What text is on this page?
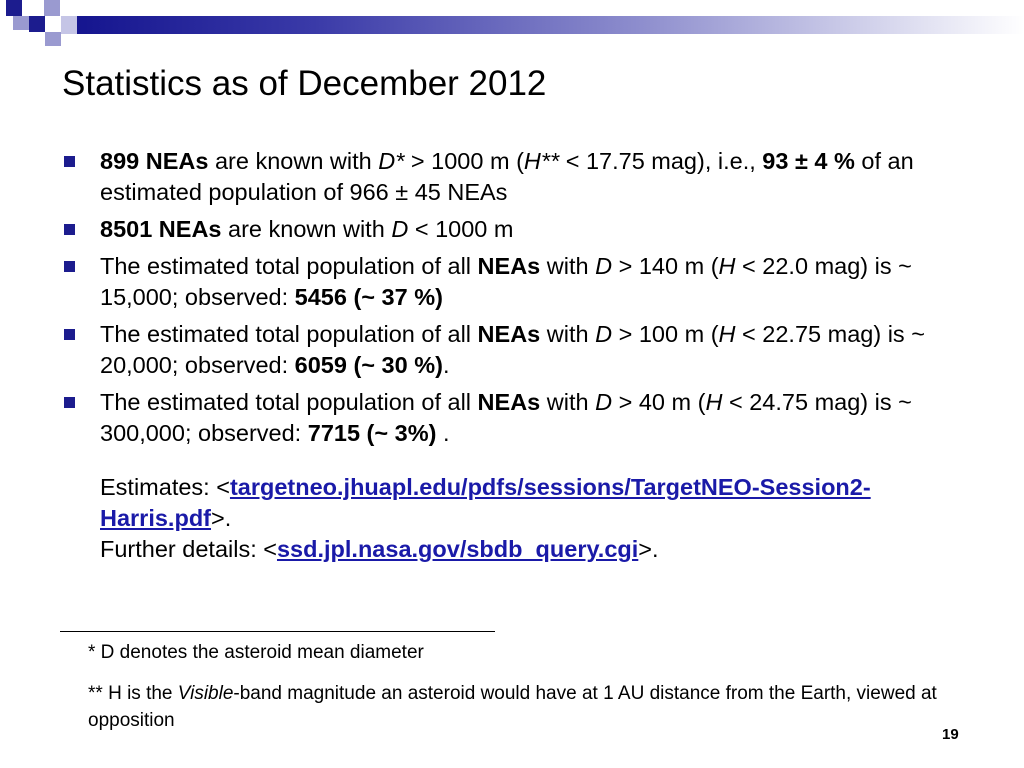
Statistics as of December 2012
899 NEAs are known with D* > 1000 m (H** < 17.75 mag), i.e., 93 ± 4 % of an estimated population of 966 ± 45 NEAs
8501 NEAs are known with D < 1000 m
The estimated total population of all NEAs with D > 140 m (H < 22.0 mag) is ~ 15,000; observed: 5456 (~ 37 %)
The estimated total population of all NEAs with D > 100 m (H < 22.75 mag) is ~ 20,000; observed: 6059 (~ 30 %).
The estimated total population of all NEAs with D > 40 m (H < 24.75 mag) is ~ 300,000; observed: 7715 (~ 3%) .
Estimates: <targetneo.jhuapl.edu/pdfs/sessions/TargetNEO-Session2-Harris.pdf>.
Further details: <ssd.jpl.nasa.gov/sbdb_query.cgi>.
* D denotes the asteroid mean diameter
** H is the Visible-band magnitude an asteroid would have at 1 AU distance from the Earth, viewed at opposition
19
